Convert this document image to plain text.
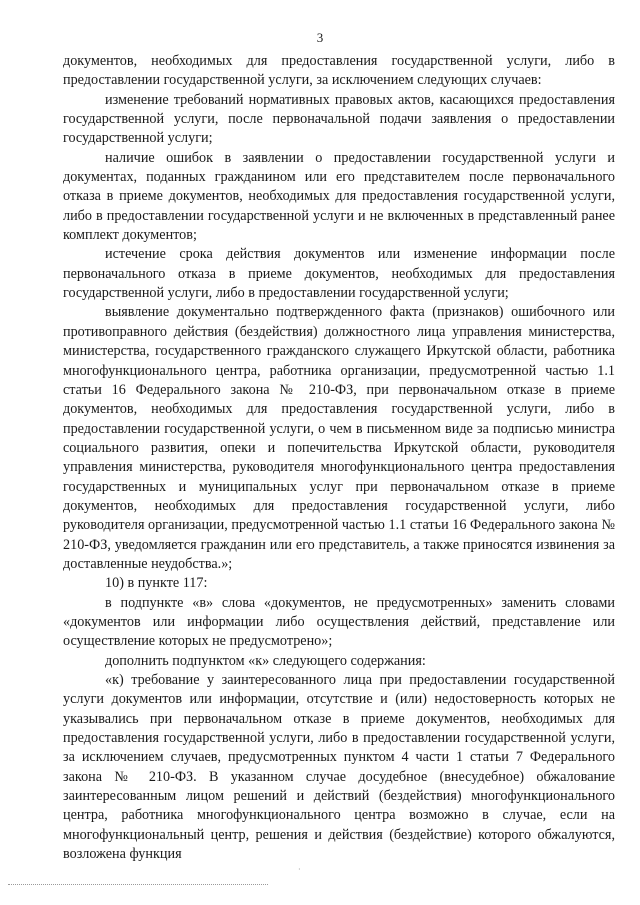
3

документов, необходимых для предоставления государственной услуги, либо в предоставлении государственной услуги, за исключением следующих случаев:

изменение требований нормативных правовых актов, касающихся предоставления государственной услуги, после первоначальной подачи заявления о предоставлении государственной услуги;

наличие ошибок в заявлении о предоставлении государственной услуги и документах, поданных гражданином или его представителем после первоначального отказа в приеме документов, необходимых для предоставления государственной услуги, либо в предоставлении государственной услуги и не включенных в представленный ранее комплект документов;

истечение срока действия документов или изменение информации после первоначального отказа в приеме документов, необходимых для предоставления государственной услуги, либо в предоставлении государственной услуги;

выявление документально подтвержденного факта (признаков) ошибочного или противоправного действия (бездействия) должностного лица управления министерства, министерства, государственного гражданского служащего Иркутской области, работника многофункционального центра, работника организации, предусмотренной частью 1.1 статьи 16 Федерального закона № 210-ФЗ, при первоначальном отказе в приеме документов, необходимых для предоставления государственной услуги, либо в предоставлении государственной услуги, о чем в письменном виде за подписью министра социального развития, опеки и попечительства Иркутской области, руководителя управления министерства, руководителя многофункционального центра предоставления государственных и муниципальных услуг при первоначальном отказе в приеме документов, необходимых для предоставления государственной услуги, либо руководителя организации, предусмотренной частью 1.1 статьи 16 Федерального закона № 210-ФЗ, уведомляется гражданин или его представитель, а также приносятся извинения за доставленные неудобства.»;

10) в пункте 117:

в подпункте «в» слова «документов, не предусмотренных» заменить словами «документов или информации либо осуществления действий, представление или осуществление которых не предусмотрено»;

дополнить подпунктом «к» следующего содержания:

«к) требование у заинтересованного лица при предоставлении государственной услуги документов или информации, отсутствие и (или) недостоверность которых не указывались при первоначальном отказе в приеме документов, необходимых для предоставления государственной услуги, либо в предоставлении государственной услуги, за исключением случаев, предусмотренных пунктом 4 части 1 статьи 7 Федерального закона № 210-ФЗ. В указанном случае досудебное (внесудебное) обжалование заинтересованным лицом решений и действий (бездействия) многофункционального центра, работника многофункционального центра возможно в случае, если на многофункциональный центр, решения и действия (бездействие) которого обжалуются, возложена функция

·
